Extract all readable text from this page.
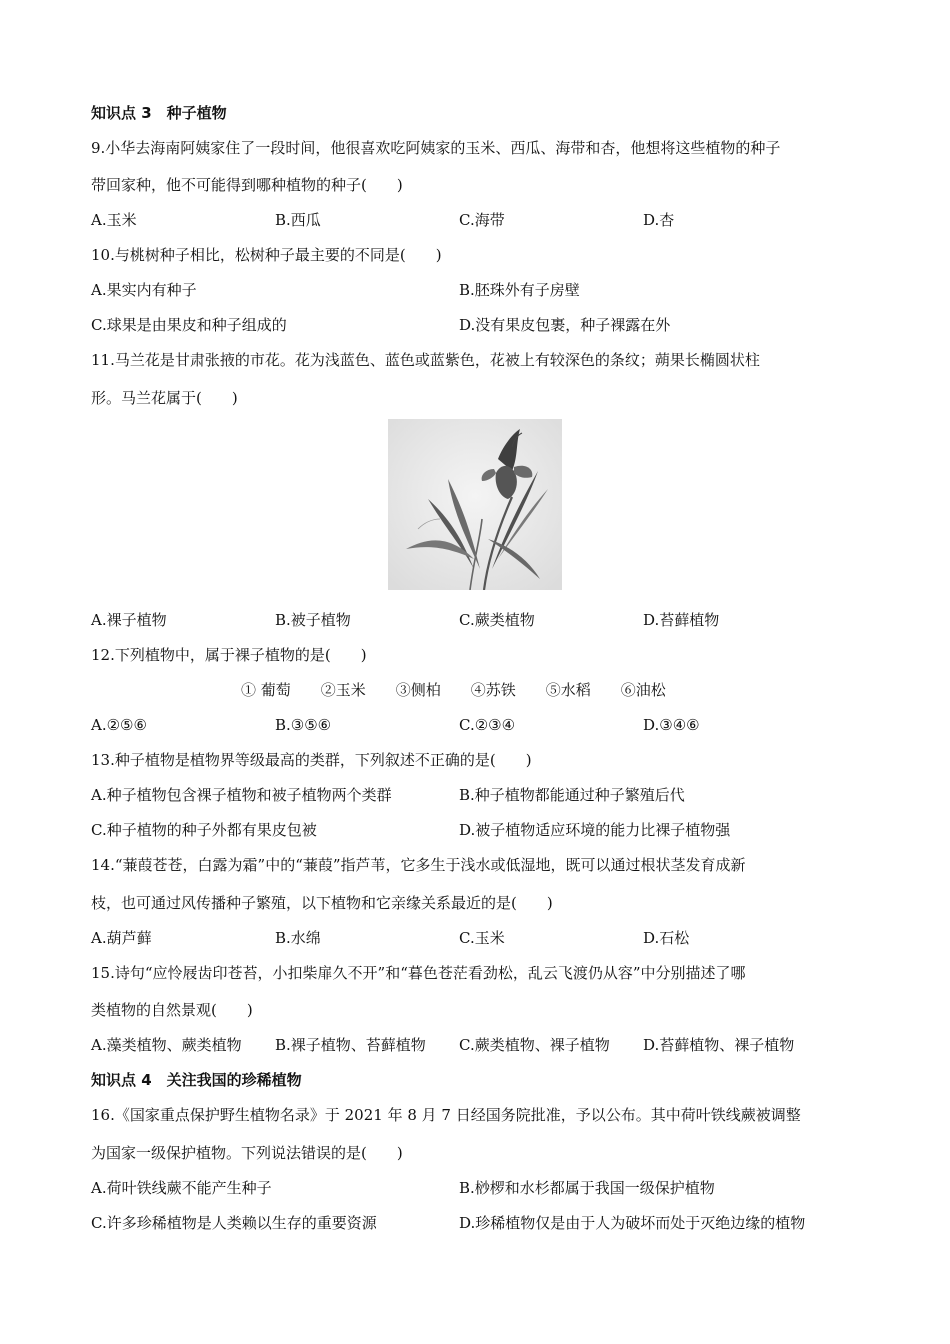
知识点 3　种子植物
9.小华去海南阿姨家住了一段时间，他很喜欢吃阿姨家的玉米、西瓜、海带和杏，他想将这些植物的种子
带回家种，他不可能得到哪种植物的种子(　　)
A.玉米	B.西瓜	C.海带	D.杏
10.与桃树种子相比，松树种子最主要的不同是(　　)
A.果实内有种子	B.胚珠外有子房壁
C.球果是由果皮和种子组成的	D.没有果皮包裹，种子裸露在外
11.马兰花是甘肃张掖的市花。花为浅蓝色、蓝色或蓝紫色，花被上有较深色的条纹；蒴果长椭圆状柱
形。马兰花属于(　　)
A.裸子植物	B.被子植物	C.蕨类植物	D.苔藓植物
12.下列植物中，属于裸子植物的是(　　)
① 葡萄　　②玉米　　③侧柏　　④苏铁　　⑤水稻　　⑥油松
A.②⑤⑥	B.③⑤⑥	C.②③④	D.③④⑥
13.种子植物是植物界等级最高的类群，下列叙述不正确的是(　　)
A.种子植物包含裸子植物和被子植物两个类群	B.种子植物都能通过种子繁殖后代
C.种子植物的种子外都有果皮包被	D.被子植物适应环境的能力比裸子植物强
14.“蒹葭苍苍，白露为霜”中的“蒹葭”指芦苇，它多生于浅水或低湿地，既可以通过根状茎发育成新
枝，也可通过风传播种子繁殖，以下植物和它亲缘关系最近的是(　　)
A.葫芦藓	B.水绵	C.玉米	D.石松
15.诗句“应怜屐齿印苍苔，小扣柴扉久不开”和“暮色苍茫看劲松，乱云飞渡仍从容”中分别描述了哪
类植物的自然景观(　　)
A.藻类植物、蕨类植物 B.裸子植物、苔藓植物 C.蕨类植物、裸子植物 D.苔藓植物、裸子植物
知识点 4　关注我国的珍稀植物
16.《国家重点保护野生植物名录》于 2021 年 8 月 7 日经国务院批准，予以公布。其中荷叶铁线蕨被调整
为国家一级保护植物。下列说法错误的是(　　)
A.荷叶铁线蕨不能产生种子	B.桫椤和水杉都属于我国一级保护植物
C.许多珍稀植物是人类赖以生存的重要资源	D.珍稀植物仅是由于人为破坏而处于灭绝边缘的植物
